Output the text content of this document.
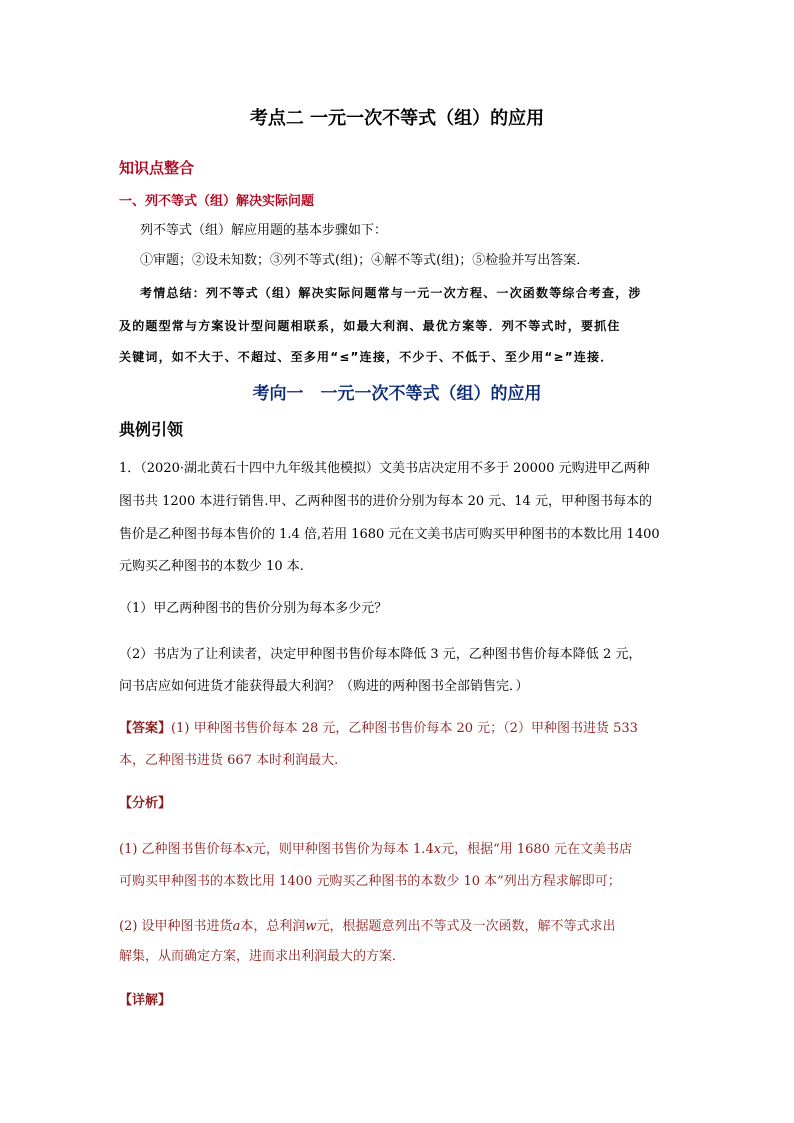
考点二 一元一次不等式（组）的应用
知识点整合
一、列不等式（组）解决实际问题
列不等式（组）解应用题的基本步骤如下：
①审题；②设未知数；③列不等式(组)；④解不等式(组)；⑤检验并写出答案．
考情总结：列不等式（组）解决实际问题常与一元一次方程、一次函数等综合考查，涉
及的题型常与方案设计型问题相联系，如最大利润、最优方案等．列不等式时，要抓住
关键词，如不大于、不超过、至多用“≤”连接，不少于、不低于、至少用“≥”连接．
考向一　一元一次不等式（组）的应用
典例引领
1．（2020·湖北黄石十四中九年级其他模拟）文美书店决定用不多于 20000 元购进甲乙两种
图书共 1200 本进行销售.甲、乙两种图书的进价分别为每本 20 元、14 元，甲种图书每本的
售价是乙种图书每本售价的 1.4 倍,若用 1680 元在文美书店可购买甲种图书的本数比用 1400
元购买乙种图书的本数少 10 本.
（1）甲乙两种图书的售价分别为每本多少元？
（2）书店为了让利读者，决定甲种图书售价每本降低 3 元，乙种图书售价每本降低 2 元，
问书店应如何进货才能获得最大利润？（购进的两种图书全部销售完．）
【答案】(1) 甲种图书售价每本 28 元，乙种图书售价每本 20 元；（2）甲种图书进货 533
本，乙种图书进货 667 本时利润最大.
【分析】
(1) 乙种图书售价每本x元，则甲种图书售价为每本 1.4x元，根据“用 1680 元在文美书店
可购买甲种图书的本数比用 1400 元购买乙种图书的本数少 10 本”列出方程求解即可；
(2) 设甲种图书进货a本，总利润w元，根据题意列出不等式及一次函数，解不等式求出
解集，从而确定方案，进而求出利润最大的方案．
【详解】
